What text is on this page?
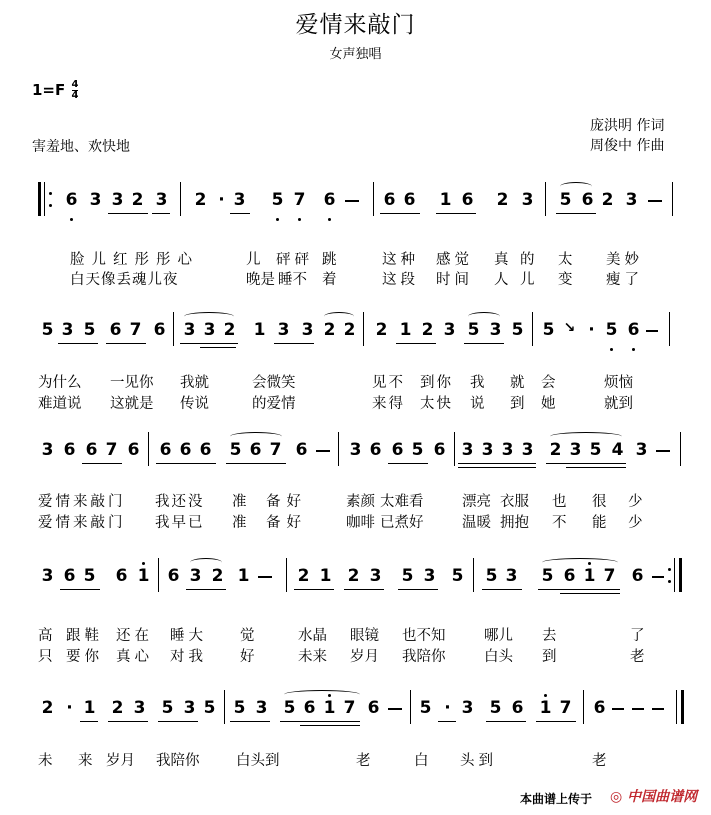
爱情来敲门
女声独唱
$1=F \frac{4}{4}$
害羞地、欢快地
庞洪明 作词
周俊中 作曲
6 3 3 2 3 2 · 3 5 7 6	6 6 1 6 2 3 5 6 2 3
脸儿红彤彤心	儿 砰砰 跳	这种 感觉 真 的 太 美妙
白天像丢魂儿夜	晚是 睡不 着	这段 时间 人 儿 变 瘦了
5 3 5 6 7 6 3 3 2 1 3 3 2 2 2 1 2 3 5 3 5 5 ↘ · 5 6
为什么 一见你 我就	会微笑	见不 到你 我 就 会	烦恼
难道说 这就是 传说	的爱情	来得 太快 说 到 她	就到
3 6 6 7 6 6 6 6 5 6 7 6 3 6 6 5 6 3 3 3 3 2 3 5 4 3
爱情来敲门 我还没 准 备好	素颜 太难看	漂亮 衣服 也 很 少
爱情来敲门 我早已 准 备好	咖啡 已煮好	温暖 拥抱 不 能 少
3 6 5 6 1 6 3 2 1	2 1 2 3 5 3 5 5 3 5 6 1 7 6
高 跟鞋 还在 睡大 觉	水晶 眼镜 也不知	哪儿 去	了
只 要你 真心 对我 好	未来 岁月 我陪你	白头 到	老
2 · 1 2 3 5 3 5 5 3 5 6 1 7 6 5 · 3 5 6 1 7 6
未 来 岁月 我陪你	白头到	老	白 头到	老
本曲谱上传于 ◎ 中国曲谱网
